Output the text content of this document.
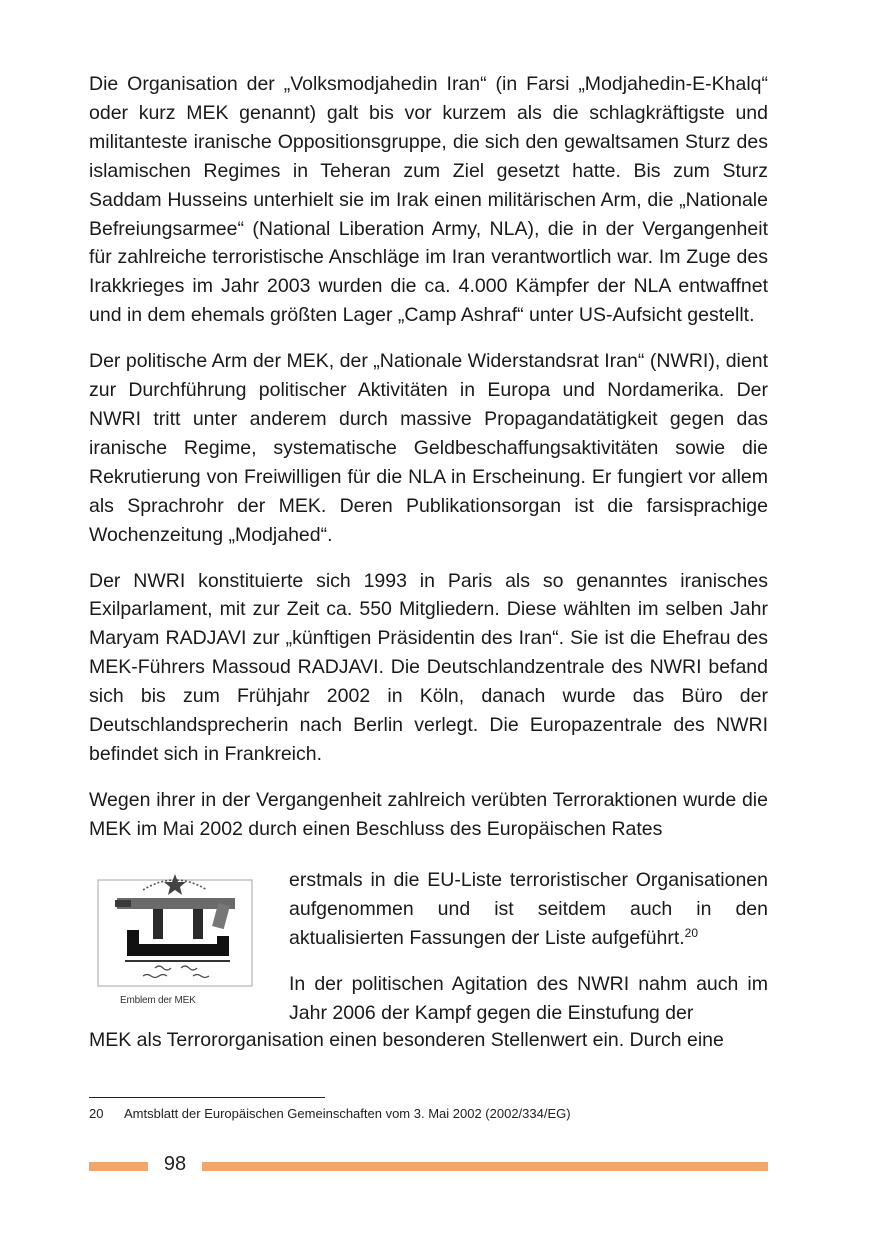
Die Organisation der „Volksmodjahedin Iran“ (in Farsi „Modjahedin-E-Khalq“ oder kurz MEK genannt) galt bis vor kurzem als die schlagkräftigste und militanteste iranische Oppositionsgruppe, die sich den gewaltsamen Sturz des islamischen Regimes in Teheran zum Ziel gesetzt hatte. Bis zum Sturz Saddam Husseins unterhielt sie im Irak einen militärischen Arm, die „Nationale Befreiungsarmee“ (National Liberation Army, NLA), die in der Vergangenheit für zahlreiche terroristische Anschläge im Iran verantwortlich war. Im Zuge des Irakkrieges im Jahr 2003 wurden die ca. 4.000 Kämpfer der NLA entwaffnet und in dem ehemals größten Lager „Camp Ashraf“ unter US-Aufsicht gestellt.

Der politische Arm der MEK, der „Nationale Widerstandsrat Iran“ (NWRI), dient zur Durchführung politischer Aktivitäten in Europa und Nordamerika. Der NWRI tritt unter anderem durch massive Propagandatätigkeit gegen das iranische Regime, systematische Geldbeschaffungsaktivitäten sowie die Rekrutierung von Freiwilligen für die NLA in Erscheinung. Er fungiert vor allem als Sprachrohr der MEK. Deren Publikationsorgan ist die farsisprachige Wochenzeitung „Modjahed“.

Der NWRI konstituierte sich 1993 in Paris als so genanntes iranisches Exilparlament, mit zur Zeit ca. 550 Mitgliedern. Diese wählten im selben Jahr Maryam RADJAVI zur „künftigen Präsidentin des Iran“. Sie ist die Ehefrau des MEK-Führers Massoud RADJAVI. Die Deutschlandzentrale des NWRI befand sich bis zum Frühjahr 2002 in Köln, danach wurde das Büro der Deutschlandsprecherin nach Berlin verlegt. Die Europazentrale des NWRI befindet sich in Frankreich.

Wegen ihrer in der Vergangenheit zahlreich verübten Terroraktionen wurde die MEK im Mai 2002 durch einen Beschluss des Europäischen Rates

Emblem der MEK

erstmals in die EU-Liste terroristischer Organisationen aufgenommen und ist seitdem auch in den aktualisierten Fassungen der Liste aufgeführt.$^{20}$

In der politischen Agitation des NWRI nahm auch im Jahr 2006 der Kampf gegen die Einstufung der

MEK als Terrororganisation einen besonderen Stellenwert ein. Durch eine

20 Amtsblatt der Europäischen Gemeinschaften vom 3. Mai 2002 (2002/334/EG)
98
